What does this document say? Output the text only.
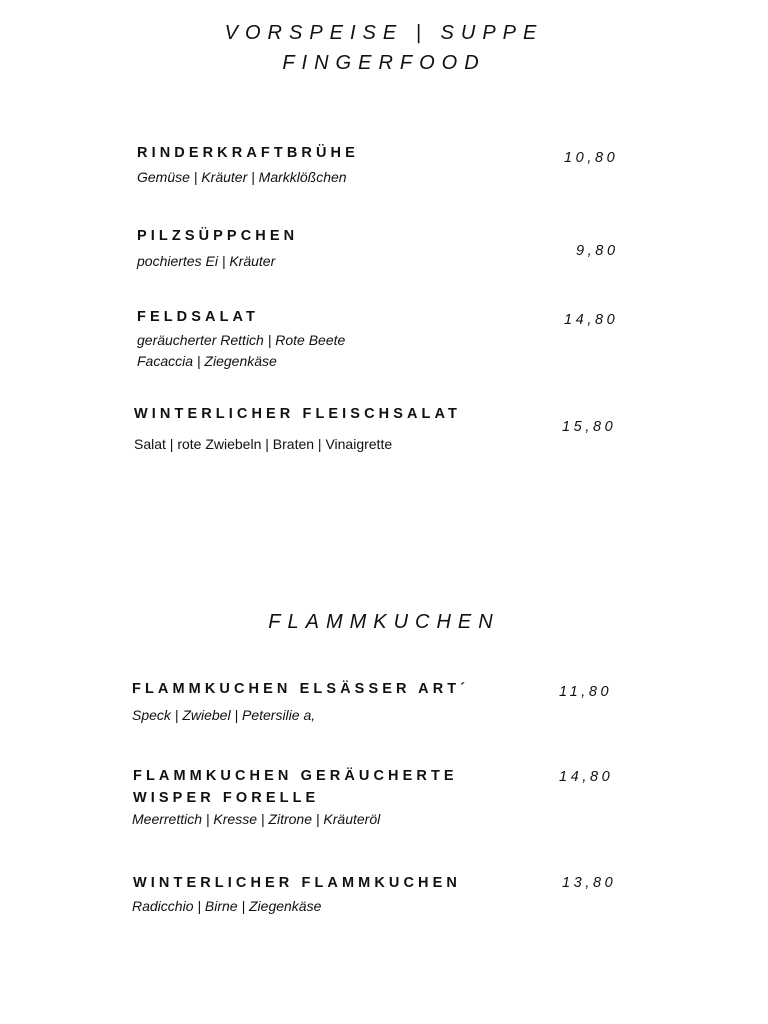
VORSPEISE | SUPPE
FINGERFOOD
RINDERKRAFTBRÜHE
Gemüse | Kräuter | Markklößchen
10,80
PILZSÜPPCHEN
pochiertes Ei | Kräuter
9,80
FELDSALAT
geräucherter Rettich | Rote Beete
Facaccia | Ziegenkäse
14,80
WINTERLICHER FLEISCHSALAT
Salat | rote Zwiebeln | Braten | Vinaigrette
15,80
FLAMMKUCHEN
FLAMMKUCHEN ELSÄSSER ART´
Speck | Zwiebel | Petersilie a,
11,80
FLAMMKUCHEN GERÄUCHERTE
WISPER FORELLE
Meerrettich | Kresse | Zitrone | Kräuteröl
14,80
WINTERLICHER FLAMMKUCHEN
Radicchio | Birne | Ziegenkäse
13,80
